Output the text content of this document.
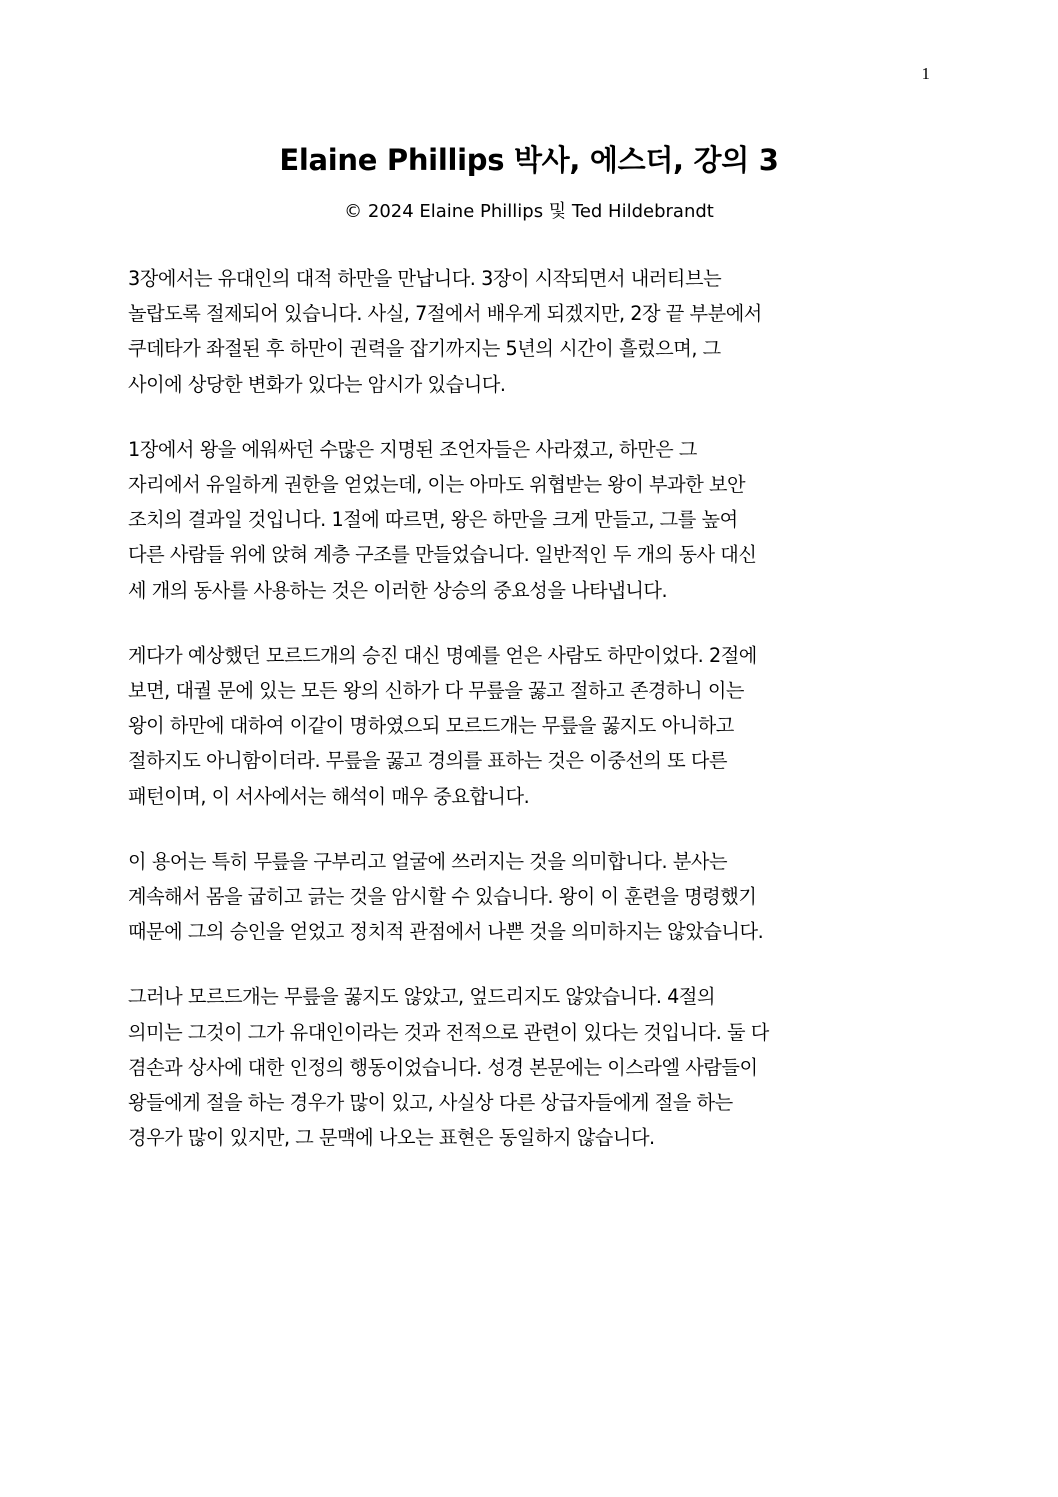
1
Elaine Phillips 박사, 에스더, 강의 3
© 2024 Elaine Phillips 및 Ted Hildebrandt

3장에서는 유대인의 대적 하만을 만납니다. 3장이 시작되면서 내러티브는
놀랍도록 절제되어 있습니다. 사실, 7절에서 배우게 되겠지만, 2장 끝 부분에서
쿠데타가 좌절된 후 하만이 권력을 잡기까지는 5년의 시간이 흘렀으며, 그
사이에 상당한 변화가 있다는 암시가 있습니다.

1장에서 왕을 에워싸던 수많은 지명된 조언자들은 사라졌고, 하만은 그
자리에서 유일하게 권한을 얻었는데, 이는 아마도 위협받는 왕이 부과한 보안
조치의 결과일 것입니다. 1절에 따르면, 왕은 하만을 크게 만들고, 그를 높여
다른 사람들 위에 앉혀 계층 구조를 만들었습니다. 일반적인 두 개의 동사 대신
세 개의 동사를 사용하는 것은 이러한 상승의 중요성을 나타냅니다.

게다가 예상했던 모르드개의 승진 대신 명예를 얻은 사람도 하만이었다. 2절에
보면, 대궐 문에 있는 모든 왕의 신하가 다 무릎을 꿇고 절하고 존경하니 이는
왕이 하만에 대하여 이같이 명하였으되 모르드개는 무릎을 꿇지도 아니하고
절하지도 아니함이더라. 무릎을 꿇고 경의를 표하는 것은 이중선의 또 다른
패턴이며, 이 서사에서는 해석이 매우 중요합니다.

이 용어는 특히 무릎을 구부리고 얼굴에 쓰러지는 것을 의미합니다. 분사는
계속해서 몸을 굽히고 긁는 것을 암시할 수 있습니다. 왕이 이 훈련을 명령했기
때문에 그의 승인을 얻었고 정치적 관점에서 나쁜 것을 의미하지는 않았습니다.

그러나 모르드개는 무릎을 꿇지도 않았고, 엎드리지도 않았습니다. 4절의
의미는 그것이 그가 유대인이라는 것과 전적으로 관련이 있다는 것입니다. 둘 다
겸손과 상사에 대한 인정의 행동이었습니다. 성경 본문에는 이스라엘 사람들이
왕들에게 절을 하는 경우가 많이 있고, 사실상 다른 상급자들에게 절을 하는
경우가 많이 있지만, 그 문맥에 나오는 표현은 동일하지 않습니다.
